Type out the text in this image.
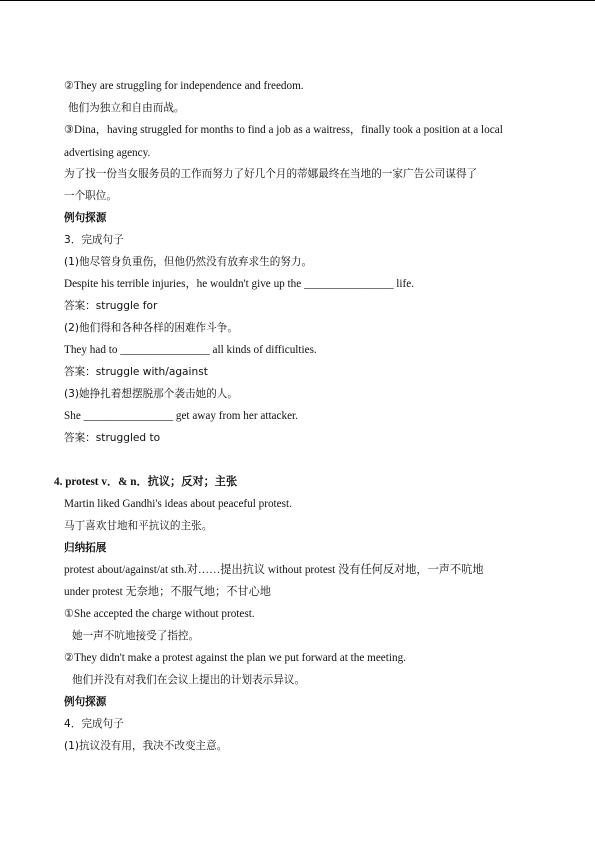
②They are struggling for independence and freedom.
他们为独立和自由而战。
③Dina，having struggled for months to find a job as a waitress，finally took a position at a local
advertising agency.
为了找一份当女服务员的工作而努力了好几个月的蒂娜最终在当地的一家广告公司谋得了
一个职位。
例句探源
3．完成句子
(1)他尽管身负重伤，但他仍然没有放弃求生的努力。
Despite his terrible injuries，he wouldn't give up the ________________ life.
答案：struggle for
(2)他们得和各种各样的困难作斗争。
They had to ________________ all kinds of difficulties.
答案：struggle with/against
(3)她挣扎着想摆脱那个袭击她的人。
She ________________ get away from her attacker.
答案：struggled to
4. protest v．& n．抗议；反对；主张
Martin liked Gandhi's ideas about peaceful protest.
马丁喜欢甘地和平抗议的主张。
归纳拓展
protest about/against/at sth.对……提出抗议 without protest 没有任何反对地，一声不吭地
under protest 无奈地；不服气地；不甘心地
①She accepted the charge without protest.
她一声不吭地接受了指控。
②They didn't make a protest against the plan we put forward at the meeting.
他们并没有对我们在会议上提出的计划表示异议。
例句探源
4．完成句子
(1)抗议没有用，我决不改变主意。
